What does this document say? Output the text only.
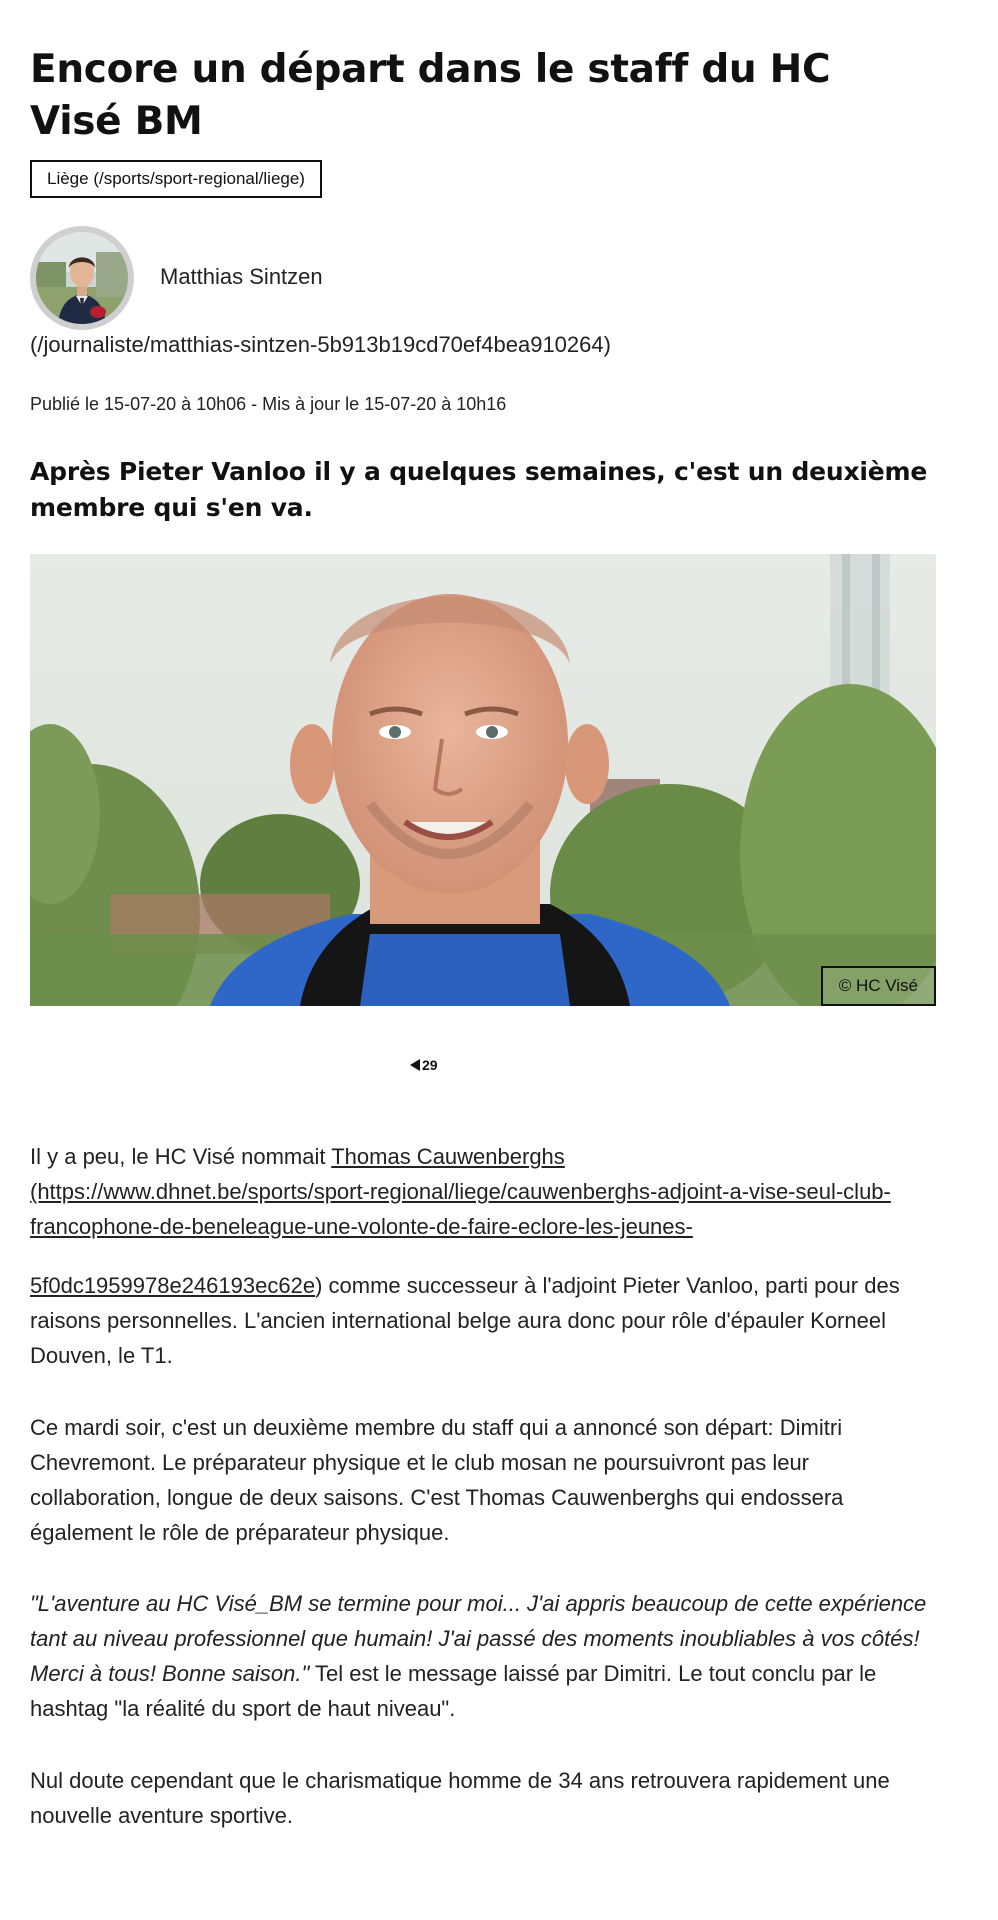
Encore un départ dans le staff du HC Visé BM
Liège (/sports/sport-regional/liege)
Matthias Sintzen
(/journaliste/matthias-sintzen-5b913b19cd70ef4bea910264)
Publié le 15-07-20 à 10h06 - Mis à jour le 15-07-20 à 10h16
Après Pieter Vanloo il y a quelques semaines, c'est un deuxième membre qui s'en va.
© HC Visé
29

Il y a peu, le HC Visé nommait Thomas Cauwenberghs
(https://www.dhnet.be/sports/sport-regional/liege/cauwenberghs-adjoint-a-vise-seul-club-francophone-de-beneleague-une-volonte-de-faire-eclore-les-jeunes-

5f0dc1959978e246193ec62e) comme successeur à l'adjoint Pieter Vanloo, parti pour des raisons personnelles. L'ancien international belge aura donc pour rôle d'épauler Korneel Douven, le T1.

Ce mardi soir, c'est un deuxième membre du staff qui a annoncé son départ: Dimitri Chevremont. Le préparateur physique et le club mosan ne poursuivront pas leur collaboration, longue de deux saisons. C'est Thomas Cauwenberghs qui endossera également le rôle de préparateur physique.

"L'aventure au HC Visé_BM se termine pour moi... J'ai appris beaucoup de cette expérience tant au niveau professionnel que humain! J'ai passé des moments inoubliables à vos côtés! Merci à tous! Bonne saison." Tel est le message laissé par Dimitri. Le tout conclu par le hashtag "la réalité du sport de haut niveau".

Nul doute cependant que le charismatique homme de 34 ans retrouvera rapidement une nouvelle aventure sportive.
